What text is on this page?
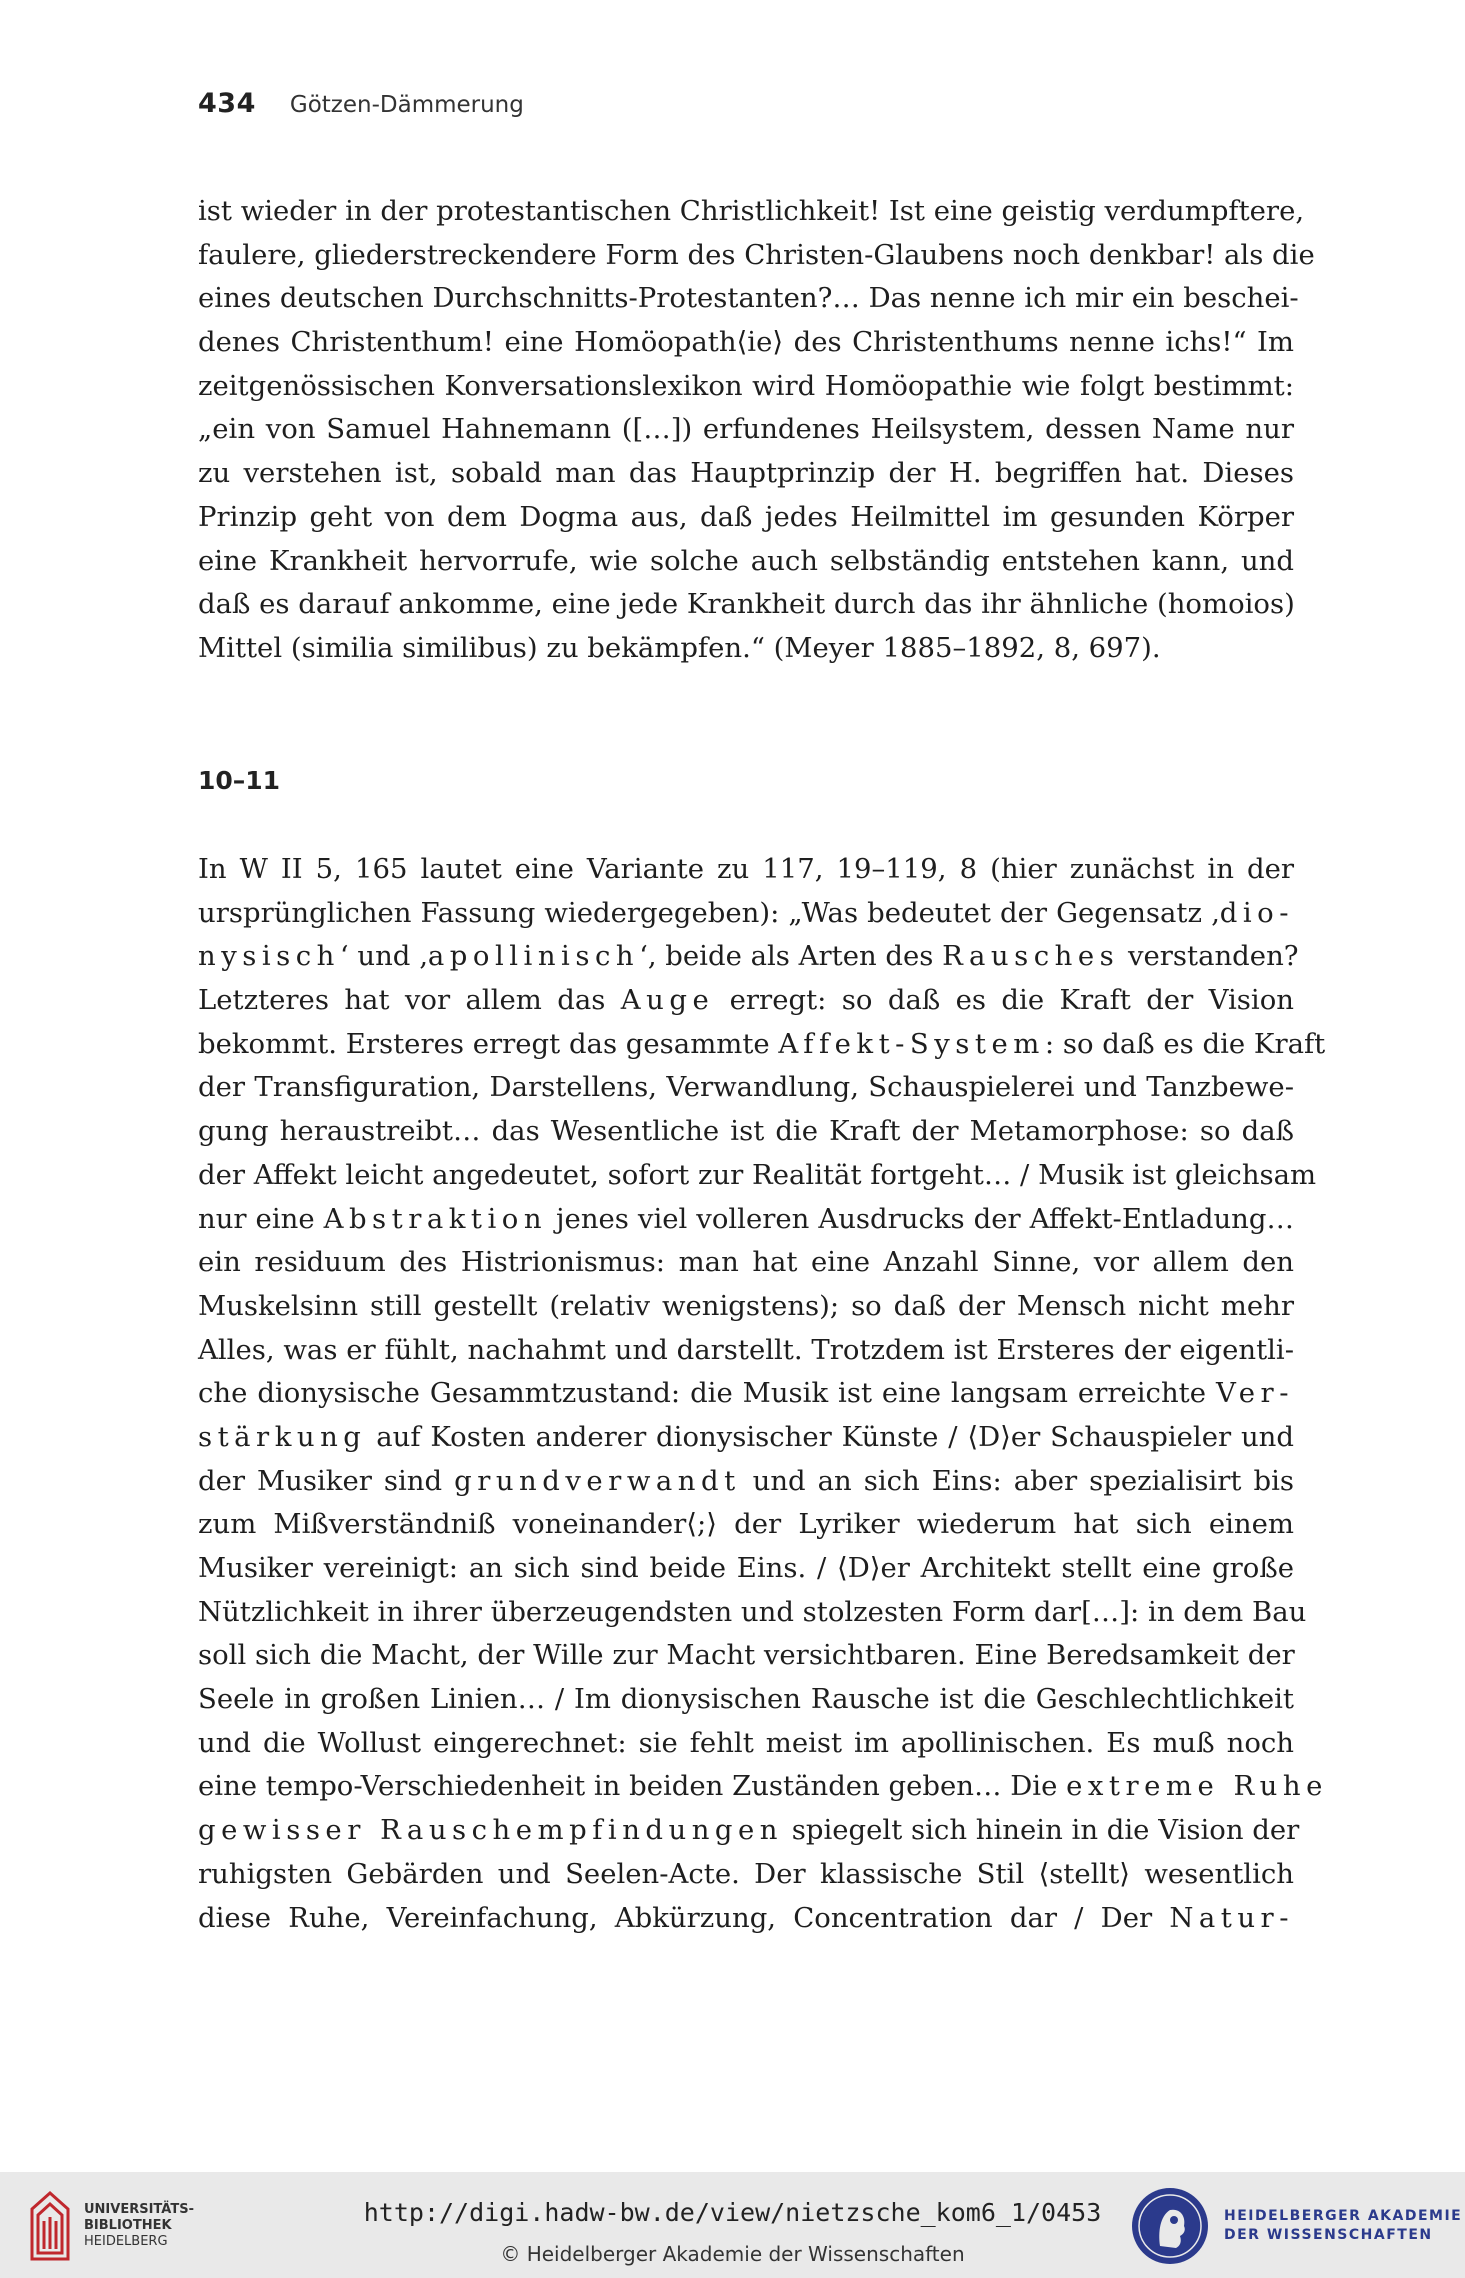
434 Götzen-Dämmerung
ist wieder in der protestantischen Christlichkeit! Ist eine geistig verdumpftere,
faulere, gliederstreckendere Form des Christen-Glaubens noch denkbar! als die
eines deutschen Durchschnitts-Protestanten?… Das nenne ich mir ein beschei-
denes Christenthum! eine Homöopath⟨ie⟩ des Christenthums nenne ichs!“ Im
zeitgenössischen Konversationslexikon wird Homöopathie wie folgt bestimmt:
„ein von Samuel Hahnemann ([…]) erfundenes Heilsystem, dessen Name nur
zu verstehen ist, sobald man das Hauptprinzip der H. begriffen hat. Dieses
Prinzip geht von dem Dogma aus, daß jedes Heilmittel im gesunden Körper
eine Krankheit hervorrufe, wie solche auch selbständig entstehen kann, und
daß es darauf ankomme, eine jede Krankheit durch das ihr ähnliche (homoios)
Mittel (similia similibus) zu bekämpfen.“ (Meyer 1885–1892, 8, 697).
10–11
In W II 5, 165 lautet eine Variante zu 117, 19–119, 8 (hier zunächst in der
ursprünglichen Fassung wiedergegeben): „Was bedeutet der Gegensatz ‚dio-
nysisch‘ und ‚apollinisch‘, beide als Arten des Rausches verstanden?
Letzteres hat vor allem das Auge erregt: so daß es die Kraft der Vision
bekommt. Ersteres erregt das gesammte Affekt-System: so daß es die Kraft
der Transfiguration, Darstellens, Verwandlung, Schauspielerei und Tanzbewe-
gung heraustreibt… das Wesentliche ist die Kraft der Metamorphose: so daß
der Affekt leicht angedeutet, sofort zur Realität fortgeht… / Musik ist gleichsam
nur eine Abstraktion jenes viel volleren Ausdrucks der Affekt-Entladung…
ein residuum des Histrionismus: man hat eine Anzahl Sinne, vor allem den
Muskelsinn still gestellt (relativ wenigstens); so daß der Mensch nicht mehr
Alles, was er fühlt, nachahmt und darstellt. Trotzdem ist Ersteres der eigentli-
che dionysische Gesammtzustand: die Musik ist eine langsam erreichte Ver-
stärkung auf Kosten anderer dionysischer Künste / ⟨D⟩er Schauspieler und
der Musiker sind grundverwandt und an sich Eins: aber spezialisirt bis
zum Mißverständniß voneinander⟨;⟩ der Lyriker wiederum hat sich einem
Musiker vereinigt: an sich sind beide Eins. / ⟨D⟩er Architekt stellt eine große
Nützlichkeit in ihrer überzeugendsten und stolzesten Form dar[…]: in dem Bau
soll sich die Macht, der Wille zur Macht versichtbaren. Eine Beredsamkeit der
Seele in großen Linien… / Im dionysischen Rausche ist die Geschlechtlichkeit
und die Wollust eingerechnet: sie fehlt meist im apollinischen. Es muß noch
eine tempo-Verschiedenheit in beiden Zuständen geben… Die extreme Ruhe
gewisser Rauschempfindungen spiegelt sich hinein in die Vision der
ruhigsten Gebärden und Seelen-Acte. Der klassische Stil ⟨stellt⟩ wesentlich
diese Ruhe, Vereinfachung, Abkürzung, Concentration dar / Der Natur-
UNIVERSITÄTS-
BIBLIOTHEK
HEIDELBERG
http://digi.hadw-bw.de/view/nietzsche_kom6_1/0453
© Heidelberger Akademie der Wissenschaften
HEIDELBERGER AKADEMIE
DER WISSENSCHAFTEN
